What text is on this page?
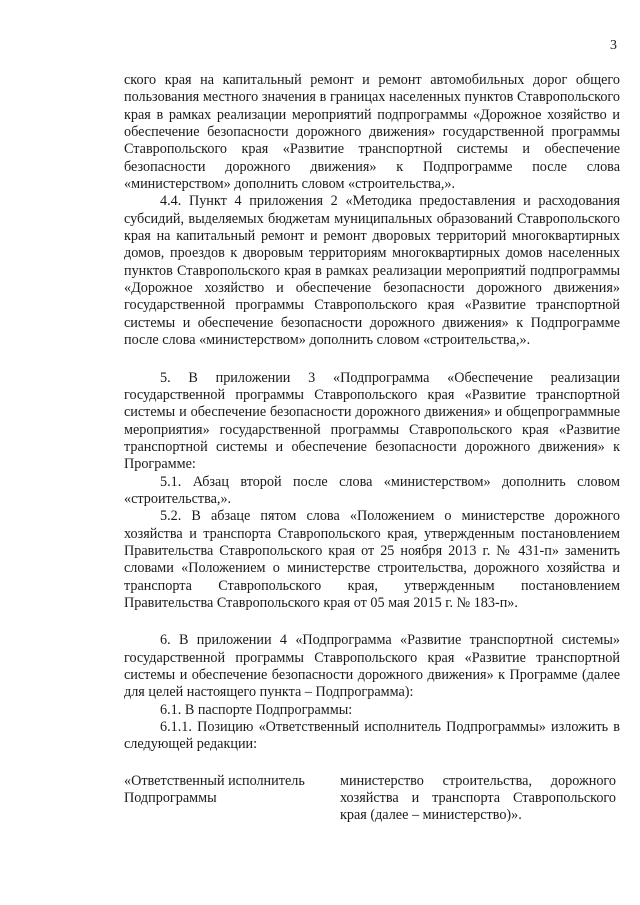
3

ского края на капитальный ремонт и ремонт автомобильных дорог общего пользования местного значения в границах населенных пунктов Ставропольского края в рамках реализации мероприятий подпрограммы «Дорожное хозяйство и обеспечение безопасности дорожного движения» государственной программы Ставропольского края «Развитие транспортной системы и обеспечение безопасности дорожного движения» к Подпрограмме после слова «министерством» дополнить словом «строительства,».

4.4. Пункт 4 приложения 2 «Методика предоставления и расходования субсидий, выделяемых бюджетам муниципальных образований Ставропольского края на капитальный ремонт и ремонт дворовых территорий многоквартирных домов, проездов к дворовым территориям многоквартирных домов населенных пунктов Ставропольского края в рамках реализации мероприятий подпрограммы «Дорожное хозяйство и обеспечение безопасности дорожного движения» государственной программы Ставропольского края «Развитие транспортной системы и обеспечение безопасности дорожного движения» к Подпрограмме после слова «министерством» дополнить словом «строительства,».

5. В приложении 3 «Подпрограмма «Обеспечение реализации государственной программы Ставропольского края «Развитие транспортной системы и обеспечение безопасности дорожного движения» и общепрограммные мероприятия» государственной программы Ставропольского края «Развитие транспортной системы и обеспечение безопасности дорожного движения» к Программе:

5.1. Абзац второй после слова «министерством» дополнить словом «строительства,».

5.2. В абзаце пятом слова «Положением о министерстве дорожного хозяйства и транспорта Ставропольского края, утвержденным постановлением Правительства Ставропольского края от 25 ноября 2013 г. № 431-п» заменить словами «Положением о министерстве строительства, дорожного хозяйства и транспорта Ставропольского края, утвержденным постановлением Правительства Ставропольского края от 05 мая 2015 г. № 183-п».

6. В приложении 4 «Подпрограмма «Развитие транспортной системы» государственной программы Ставропольского края «Развитие транспортной системы и обеспечение безопасности дорожного движения» к Программе (далее для целей настоящего пункта – Подпрограмма):

6.1. В паспорте Подпрограммы:

6.1.1. Позицию «Ответственный исполнитель Подпрограммы» изложить в следующей редакции:

«Ответственный исполнитель Подпрограммы
министерство строительства, дорожного хозяйства и транспорта Ставропольского края (далее – министерство)».
